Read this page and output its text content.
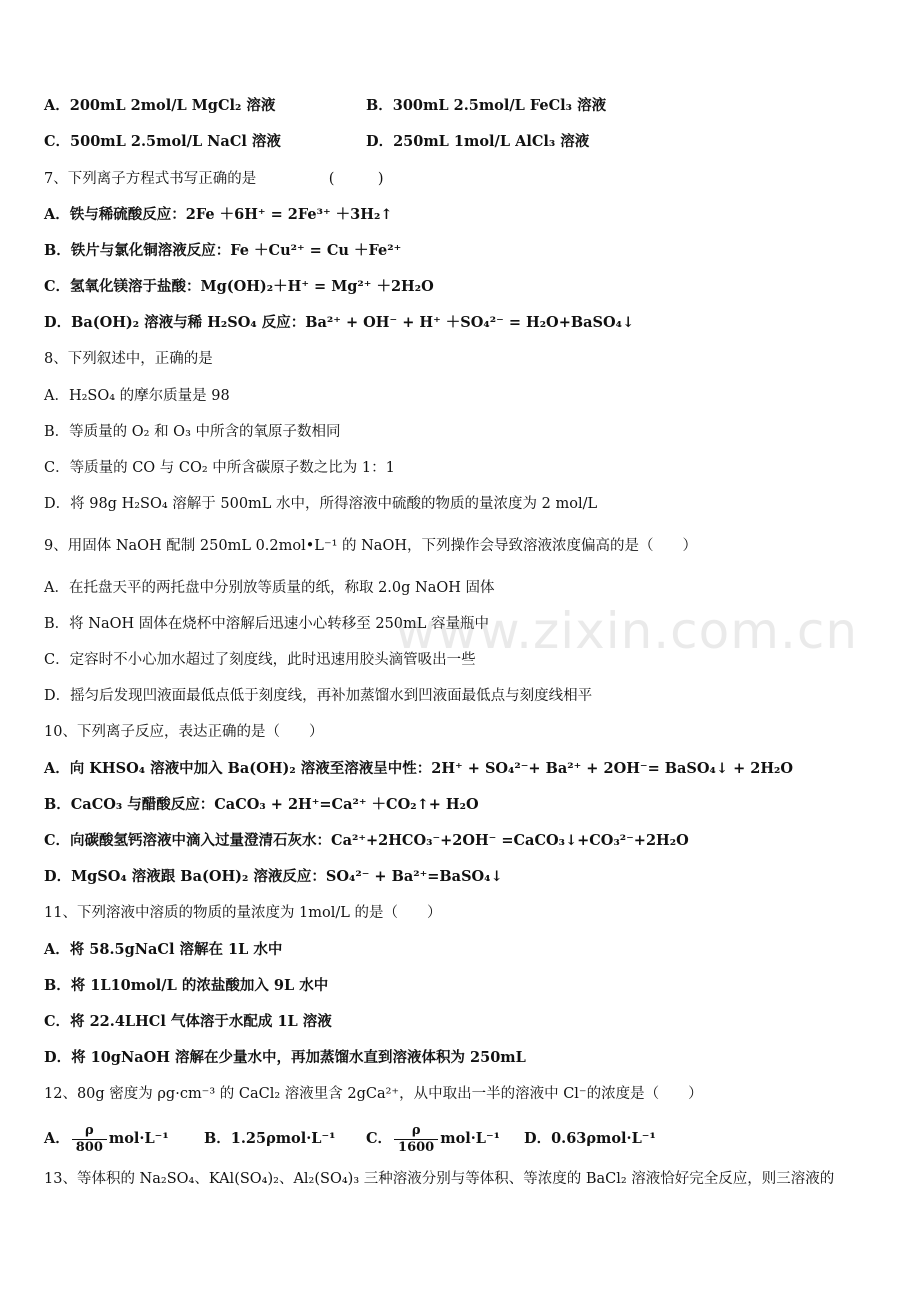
A．200mL 2mol/L MgCl₂ 溶液	B．300mL 2.5mol/L FeCl₃ 溶液
C．500mL 2.5mol/L NaCl 溶液	D．250mL 1mol/L AlCl₃ 溶液
7、下列离子方程式书写正确的是　　　　　(　　　)
A．铁与稀硫酸反应：2Fe ＋6H⁺ = 2Fe³⁺ ＋3H₂↑
B．铁片与氯化铜溶液反应：Fe ＋Cu²⁺ = Cu ＋Fe²⁺
C．氢氧化镁溶于盐酸：Mg(OH)₂＋H⁺ = Mg²⁺ ＋2H₂O
D．Ba(OH)₂ 溶液与稀 H₂SO₄ 反应：Ba²⁺ + OH⁻ + H⁺ ＋SO₄²⁻ = H₂O+BaSO₄↓
8、下列叙述中，正确的是
A．H₂SO₄ 的摩尔质量是 98
B．等质量的 O₂ 和 O₃ 中所含的氧原子数相同
C．等质量的 CO 与 CO₂ 中所含碳原子数之比为 1：1
D．将 98g H₂SO₄ 溶解于 500mL 水中，所得溶液中硫酸的物质的量浓度为 2 mol/L
9、用固体 NaOH 配制 250mL 0.2mol•L⁻¹ 的 NaOH，下列操作会导致溶液浓度偏高的是（　　）
A．在托盘天平的两托盘中分别放等质量的纸，称取 2.0g NaOH 固体
B．将 NaOH 固体在烧杯中溶解后迅速小心转移至 250mL 容量瓶中
C．定容时不小心加水超过了刻度线，此时迅速用胶头滴管吸出一些
D．摇匀后发现凹液面最低点低于刻度线，再补加蒸馏水到凹液面最低点与刻度线相平
10、下列离子反应，表达正确的是（　　）
A．向 KHSO₄ 溶液中加入 Ba(OH)₂ 溶液至溶液呈中性：2H⁺ + SO₄²⁻+ Ba²⁺ + 2OH⁻= BaSO₄↓ + 2H₂O
B．CaCO₃ 与醋酸反应：CaCO₃ + 2H⁺=Ca²⁺ ＋CO₂↑+ H₂O
C．向碳酸氢钙溶液中滴入过量澄清石灰水：Ca²⁺+2HCO₃⁻+2OH⁻ =CaCO₃↓+CO₃²⁻+2H₂O
D．MgSO₄ 溶液跟 Ba(OH)₂ 溶液反应：SO₄²⁻ + Ba²⁺=BaSO₄↓
11、下列溶液中溶质的物质的量浓度为 1mol/L 的是（　　）
A．将 58.5gNaCl 溶解在 1L 水中
B．将 1L10mol/L 的浓盐酸加入 9L 水中
C．将 22.4LHCl 气体溶于水配成 1L 溶液
D．将 10gNaOH 溶解在少量水中，再加蒸馏水直到溶液体积为 250mL
12、80g 密度为 ρg·cm⁻³ 的 CaCl₂ 溶液里含 2gCa²⁺，从中取出一半的溶液中 Cl⁻的浓度是（　　）
A． $\frac{\rho}{800} mol\cdot L^{-1}$ B．1.25ρmol·L⁻¹ C． $\frac{\rho}{1600} mol\cdot L^{-1}$ D．0.63ρmol·L⁻¹
13、等体积的 Na₂SO₄、KAl(SO₄)₂、Al₂(SO₄)₃ 三种溶液分别与等体积、等浓度的 BaCl₂ 溶液恰好完全反应，则三溶液的
www.zixin.com.cn
